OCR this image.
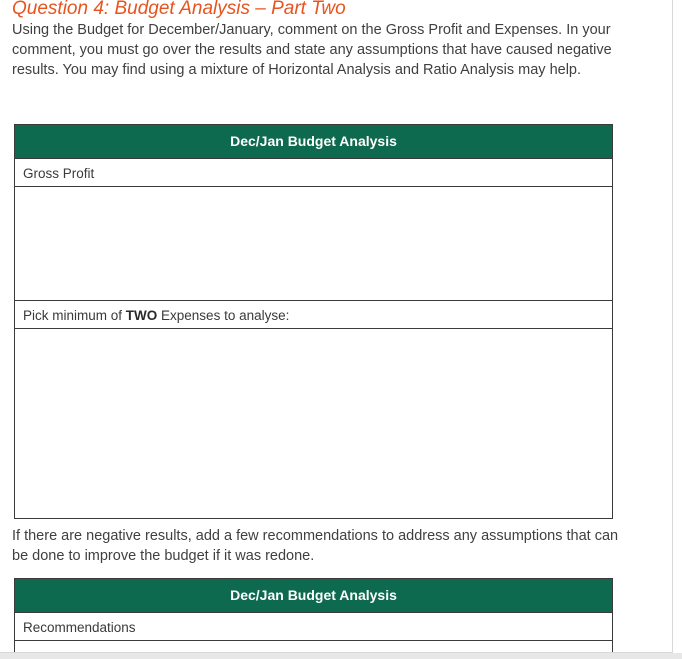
Question 4: Budget Analysis – Part Two
Using the Budget for December/January, comment on the Gross Profit and Expenses. In your comment, you must go over the results and state any assumptions that have caused negative results. You may find using a mixture of Horizontal Analysis and Ratio Analysis may help.
Dec/Jan Budget Analysis
Gross Profit
Pick minimum of TWO Expenses to analyse:
If there are negative results, add a few recommendations to address any assumptions that can be done to improve the budget if it was redone.
Dec/Jan Budget Analysis
Recommendations
